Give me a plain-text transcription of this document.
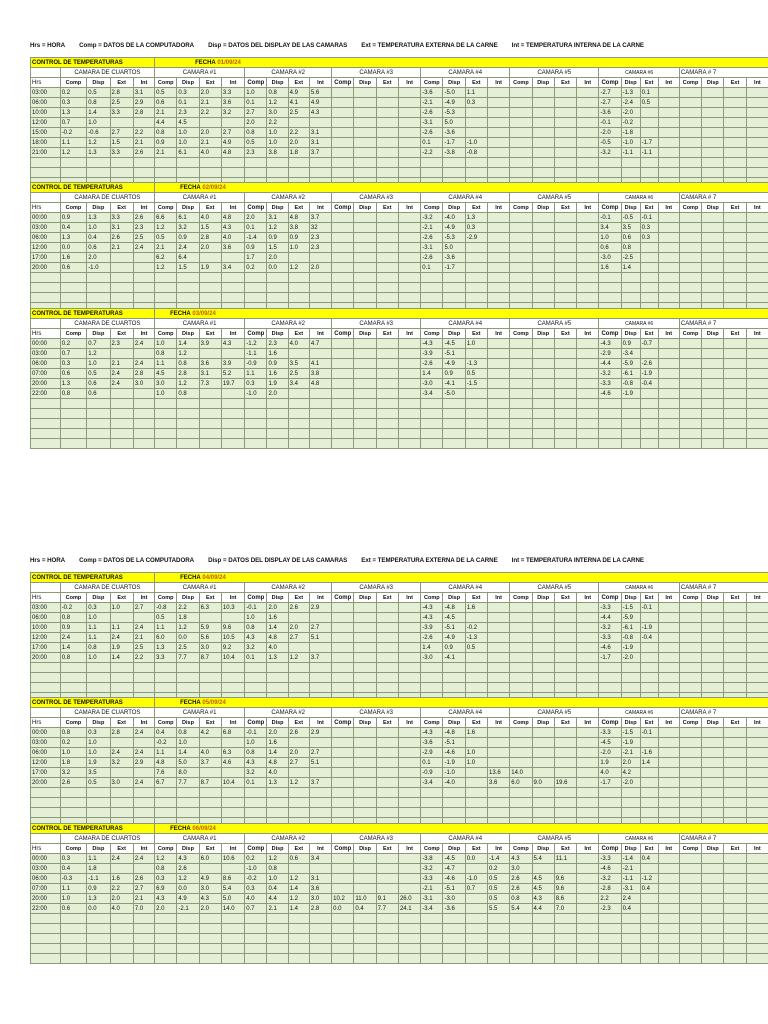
Hrs = HORA Comp = DATOS DE LA COMPUTADORA Disp = DATOS DEL DISPLAY DE LAS CAMARAS Ext = TEMPERATURA EXTERNA DE LA CARNE Int = TEMPERATURA INTERNA DE LA CARNE
CONTROL DE TEMPERATURAS					FECHA 01/09/24																											
	CAMARA DE CUARTOS				CAMARA #1				CAMARA #2				CAMARA #3				CAMARA #4				CAMARA #5				CAMARA #6				CAMARA # 7			
Hrs	Comp	Disp	Ext	Int	Comp	Disp	Ext	Int	Comp	Disp	Ext	Int	Comp	Disp	Ext	Int	Comp	Disp	Ext	Int	Comp	Disp	Ext	Int	Comp	Disp	Ext	Int	Comp	Disp	Ext	Int
03:00	0.2	0.5	2.8	3.1	0.5	0.3	2.0	3.3	1.0	0.8	4.9	5.6					-3.6	-5.0	1.1						-2.7	-1.3	0.1					
06:00	0.3	0.8	2.5	2.9	0.6	0.1	2.1	3.6	0.1	1.2	4.1	4.9					-2.1	-4.9	0.3						-2.7	-2.4	0.5					
10:00	1.3	1.4	3.3	2.8	2.1	2.3	2.2	3.2	2.7	3.0	2.5	4.3					-2.6	-5.3							-3.6	-2.0						
12:00	0.7	1.0			4.4	4.5			2.0	2.2							-3.1	5.0							-0.1	-0.2						
15:00	-0.2	-0.6	2.7	2.2	0.8	1.0	2.0	2.7	0.8	1.0	2.2	3.1					-2.6	-3.6							-2.0	-1.8						
18:00	1.1	1.2	1.5	2.1	0.9	1.0	2.1	4.9	0.5	1.0	2.0	3.1					0.1	-1.7	-1.0						-0.5	-1.0	-1.7					
21:00	1.2	1.3	3.3	2.6	2.1	6.1	4.0	4.8	2.3	3.8	1.8	3.7					-2.2	-3.8	-0.8						-3.2	-1.1	-1.1					

CONTROL DE TEMPERATURAS					FECHA 02/09/24																											
	CAMARA DE CUARTOS				CAMARA #1				CAMARA #2				CAMARA #3				CAMARA #4				CAMARA #5				CAMARA #6				CAMARA # 7			
Hrs	Comp	Disp	Ext	Int	Comp	Disp	Ext	Int	Comp	Disp	Ext	Int	Comp	Disp	Ext	Int	Comp	Disp	Ext	Int	Comp	Disp	Ext	Int	Comp	Disp	Ext	Int	Comp	Disp	Ext	Int
00:00	0.9	1.3	3.3	2.6	6.6	6.1	4.0	4.8	2.0	3.1	4.8	3.7					-3.2	-4.0	1.3						-0.1	-0.5	-0.1					
03:00	0.4	1.0	3.1	2.3	1.2	3.2	1.5	4.3	0.1	1.2	3.8	32					-2.1	-4.9	0.3						3.4	3.5	0.3					
06:00	1.3	0.4	2.6	2.5	0.5	0.9	2.8	4.0	-1.4	0.9	0.9	2.3					-2.6	-5.3	-2.9						1.0	0.6	0.3					
12:00	0.0	0.6	2.1	2.4	2.1	2.4	2.0	3.6	0.9	1.5	1.0	2.3					-3.1	5.0							0.6	0.8						
17:00	1.6	2.0			6.2	6.4			1.7	2.0							-2.6	-3.6							-3.0	-2.5						
20:00	0.6	-1.0			1.2	1.5	1.9	3.4	0.2	0.0	1.2	2.0					0.1	-1.7							1.6	1.4						

CONTROL DE TEMPERATURAS					FECHA 03/09/24																											
	CAMARA DE CUARTOS				CAMARA #1				CAMARA #2				CAMARA #3				CAMARA #4				CAMARA #5				CAMARA #6				CAMARA # 7			
Hrs	Comp	Disp	Ext	Int	Comp	Disp	Ext	Int	Comp	Disp	Ext	Int	Comp	Disp	Ext	Int	Comp	Disp	Ext	Int	Comp	Disp	Ext	Int	Comp	Disp	Ext	Int	Comp	Disp	Ext	Int
00:00	0.2	0.7	2.3	2.4	1.0	1.4	3.9	4.3	-1.2	2.3	4.0	4.7					-4.3	-4.5	1.0						-4.3	0.9	-0.7					
03:00	0.7	1.2			0.8	1.2			-1.1	1.6							-3.9	-5.1							-2.9	-3.4						
06:00	0.3	1.0	2.1	2.4	1.1	0.8	3.6	3.9	-0.9	0.9	3.5	4.1					-2.6	-4.9	-1.3						-4.4	-5.9	-2.6					
07:00	0.6	0.5	2.4	2.8	4.5	2.8	3.1	5.2	1.1	1.6	2.5	3.8					1.4	0.9	0.5						-3.2	-6.1	-1.9					
20:00	1.3	0.6	2.4	3.0	3.0	1.2	7.3	19.7	0.3	1.9	3.4	4.8					-3.0	-4.1	-1.5						-3.3	-0.8	-0.4					
22:00	0.8	0.6			1.0	0.8			-1.0	2.0							-3.4	-5.0							-4.6	-1.9						

Hrs = HORA Comp = DATOS DE LA COMPUTADORA Disp = DATOS DEL DISPLAY DE LAS CAMARAS Ext = TEMPERATURA EXTERNA DE LA CARNE Int = TEMPERATURA INTERNA DE LA CARNE
CONTROL DE TEMPERATURAS					FECHA 04/09/24																											
	CAMARA DE CUARTOS				CAMARA #1				CAMARA #2				CAMARA #3				CAMARA #4				CAMARA #5				CAMARA #6				CAMARA # 7			
Hrs	Comp	Disp	Ext	Int	Comp	Disp	Ext	Int	Comp	Disp	Ext	Int	Comp	Disp	Ext	Int	Comp	Disp	Ext	Int	Comp	Disp	Ext	Int	Comp	Disp	Ext	Int	Comp	Disp	Ext	Int
03:00	-0.2	0.3	1.0	2.7	-0.8	2.2	6.3	10.3	-0.1	2.0	2.6	2.9					-4.3	-4.8	1.6						-3.3	-1.5	-0.1					
06:00	0.8	1.0			0.5	1.8			1.0	1.6							-4.3	-4.5							-4.4	-5.9						
10:00	0.9	1.1	1.1	2.4	1.1	1.2	5.9	9.6	0.8	1.4	2.0	2.7					-3.9	-5.1	-0.2						-3.2	-6.1	-1.9					
12:00	2.4	1.1	2.4	2.1	6.0	0.0	5.6	10.5	4.3	4.8	2.7	5.1					-2.6	-4.9	-1.3						-3.3	-0.8	-0.4					
17:00	1.4	0.8	1.9	2.5	1.3	2.5	3.0	9.2	3.2	4.0							1.4	0.9	0.5						-4.6	-1.9						
20:00	0.8	1.0	1.4	2.2	3.3	7.7	8.7	10.4	0.1	1.3	1.2	3.7					-3.0	-4.1							-1.7	-2.0						

CONTROL DE TEMPERATURAS					FECHA 05/09/24																											
	CAMARA DE CUARTOS				CAMARA #1				CAMARA #2				CAMARA #3				CAMARA #4				CAMARA #5				CAMARA #6				CAMARA # 7			
Hrs	Comp	Disp	Ext	Int	Comp	Disp	Ext	Int	Comp	Disp	Ext	Int	Comp	Disp	Ext	Int	Comp	Disp	Ext	Int	Comp	Disp	Ext	Int	Comp	Disp	Ext	Int	Comp	Disp	Ext	Int
00:00	0.8	0.3	2.8	2.4	0.4	0.8	4.2	6.8	-0.1	2.0	2.6	2.9					-4.3	-4.8	1.6						-3.3	-1.5	-0.1					
03:00	0.2	1.0			-0.2	1.0			1.0	1.6							-3.6	-5.1							-4.5	-1.9						
06:00	1.0	1.0	2.4	2.4	1.1	1.4	4.0	6.3	0.8	1.4	2.0	2.7					-2.9	-4.6	1.0						-2.0	-2.1	-1.6					
12:00	1.8	1.9	3.2	2.9	4.8	5.0	3.7	4.6	4.3	4.8	2.7	5.1					0.1	-1.9	1.0						1.9	2.0	1.4					
17:00	3.2	3.5			7.6	8.0			3.2	4.0							-0.9	-1.0		13.6	14.0				4.0	4.2						
20:00	2.6	0.5	3.0	2.4	6.7	7.7	8.7	10.4	0.1	1.3	1.2	3.7					-3.4	-4.0		3.6	6.0	9.0	19.6		-1.7	-2.0						

CONTROL DE TEMPERATURAS					FECHA 06/09/24																											
	CAMARA DE CUARTOS				CAMARA #1				CAMARA #2				CAMARA #3				CAMARA #4				CAMARA #5				CAMARA #6				CAMARA # 7			
Hrs	Comp	Disp	Ext	Int	Comp	Disp	Ext	Int	Comp	Disp	Ext	Int	Comp	Disp	Ext	Int	Comp	Disp	Ext	Int	Comp	Disp	Ext	Int	Comp	Disp	Ext	Int	Comp	Disp	Ext	Int
00:00	0.3	1.1	2.4	2.4	1.2	4.3	6.0	10.6	0.2	1.2	0.6	3.4					-3.8	-4.5	0.0	-1.4	4.3	5.4	11.1		-3.3	-1.4	0.4					
03:00	0.4	1.8			0.8	2.6			-1.0	0.8							-3.2	-4.7		0.2	3.0				-4.6	-2.1						
06:00	-0.3	-1.1	1.6	2.6	0.3	1.2	4.9	8.6	-0.2	1.0	1.2	3.1					-3.3	-4.6	-1.0	0.5	2.6	4.5	9.6		-3.2	-1.1	-1.2					
07:00	1.1	0.9	2.2	2.7	6.9	0.0	3.0	5.4	0.3	0.4	1.4	3.6					-2.1	-5.1	0.7	0.5	2.6	4.5	9.6		-2.8	-3.1	0.4					
20:00	1.0	1.3	2.0	2.1	4.3	4.9	4.3	5.0	4.0	4.4	1.2	3.0	10.2	11.0	9.1	26.0	-3.1	-3.0		0.5	0.8	4.3	8.6		2.2	2.4						
22:00	0.6	0.0	4.0	7.0	2.0	-2.1	2.0	14.0	0.7	2.1	1.4	2.8	0.0	0.4	7.7	24.1	-3.4	-3.6		5.5	5.4	4.4	7.0		-2.3	0.4						
